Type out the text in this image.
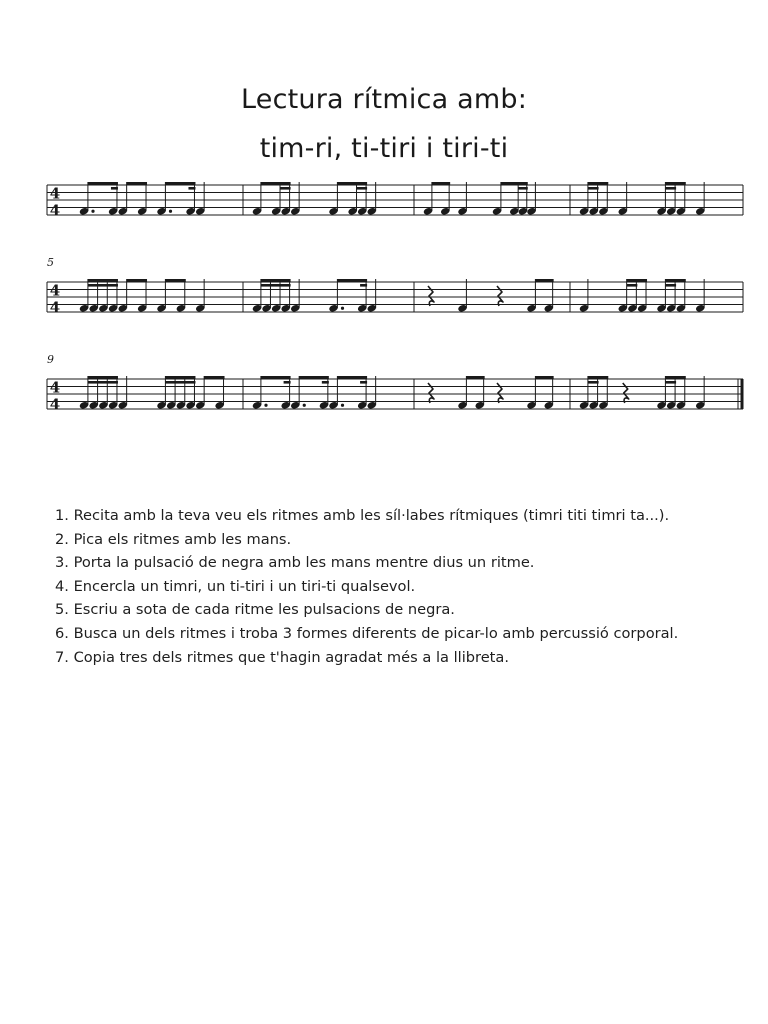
Lectura rítmica amb:
tim-ri, ti-tiri i tiri-ti
4
4
4
4
5
4
4
9
1. Recita amb la teva veu els ritmes amb les síl·labes rítmiques (timri titi timri ta...).
2. Pica els ritmes amb les mans.
3. Porta la pulsació de negra amb les mans mentre dius un ritme.
4. Encercla un timri, un ti-tiri i un tiri-ti qualsevol.
5. Escriu a sota de cada ritme les pulsacions de negra.
6. Busca un dels ritmes i troba 3 formes diferents de picar-lo amb percussió corporal.
7. Copia tres dels ritmes que t'hagin agradat més a la llibreta.
